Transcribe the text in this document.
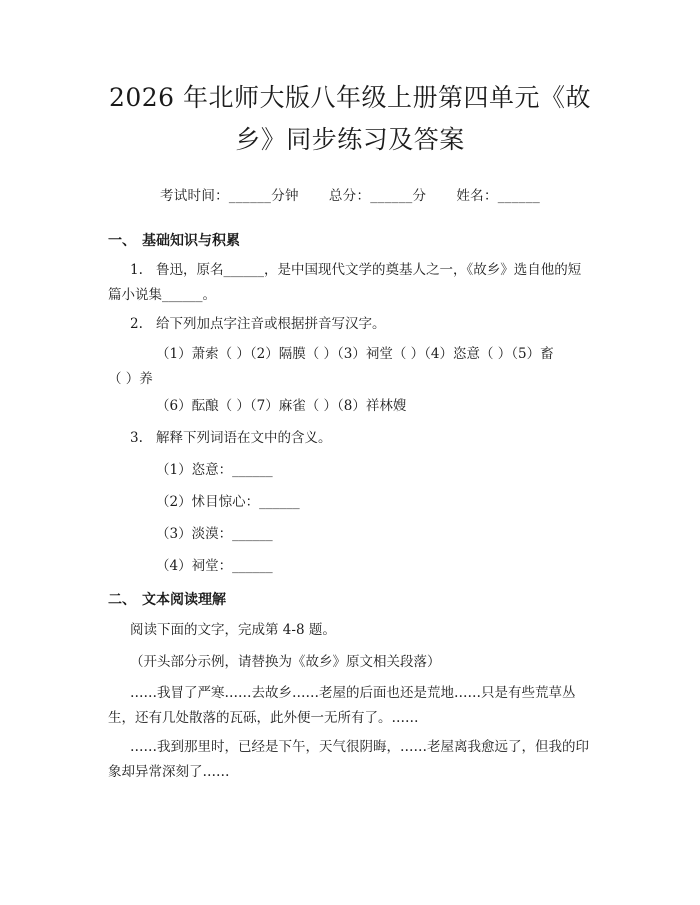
2026 年北师大版八年级上册第四单元《故
乡》同步练习及答案
考试时间：______分钟 总分：______分 姓名：______

一、 基础知识与积累

1. 鲁迅，原名______，是中国现代文学的奠基人之一，《故乡》选自他的短

篇小说集______。

2. 给下列加点字注音或根据拼音写汉字。

（1）萧索（ ）（2）隔膜（ ）（3）祠堂（ ）（4）恣意（ ）（5）畜

（ ）养

（6）酝酿（ ）（7）麻雀（ ）（8）祥林嫂

3. 解释下列词语在文中的含义。

（1）恣意：______

（2）怵目惊心：______

（3）淡漠：______

（4）祠堂：______

二、 文本阅读理解

阅读下面的文字，完成第 4-8 题。

（开头部分示例，请替换为《故乡》原文相关段落）

……我冒了严寒……去故乡……老屋的后面也还是荒地……只是有些荒草丛

生，还有几处散落的瓦砾，此外便一无所有了。……

……我到那里时，已经是下午，天气很阴晦，……老屋离我愈远了，但我的印

象却异常深刻了……
